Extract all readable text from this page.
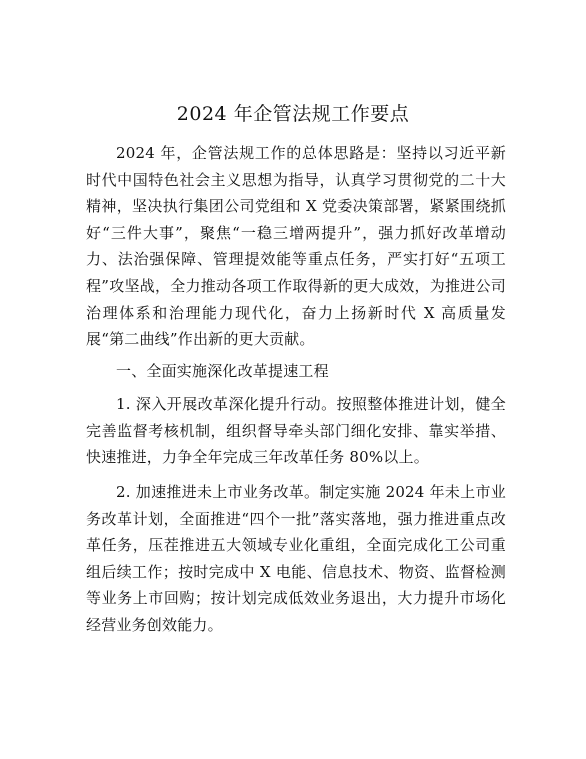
2024 年企管法规工作要点

2024 年，企管法规工作的总体思路是：坚持以习近平新时代中国特色社会主义思想为指导，认真学习贯彻党的二十大精神，坚决执行集团公司党组和 X 党委决策部署，紧紧围绕抓好“三件大事”，聚焦“一稳三增两提升”，强力抓好改革增动力、法治强保障、管理提效能等重点任务，严实打好“五项工程”攻坚战，全力推动各项工作取得新的更大成效，为推进公司治理体系和治理能力现代化，奋力上扬新时代 X 高质量发展“第二曲线”作出新的更大贡献。

一、全面实施深化改革提速工程

1. 深入开展改革深化提升行动。按照整体推进计划，健全完善监督考核机制，组织督导牵头部门细化安排、靠实举措、快速推进，力争全年完成三年改革任务 80%以上。

2. 加速推进未上市业务改革。制定实施 2024 年未上市业务改革计划，全面推进“四个一批”落实落地，强力推进重点改革任务，压茬推进五大领域专业化重组，全面完成化工公司重组后续工作；按时完成中 X 电能、信息技术、物资、监督检测等业务上市回购；按计划完成低效业务退出，大力提升市场化经营业务创效能力。
